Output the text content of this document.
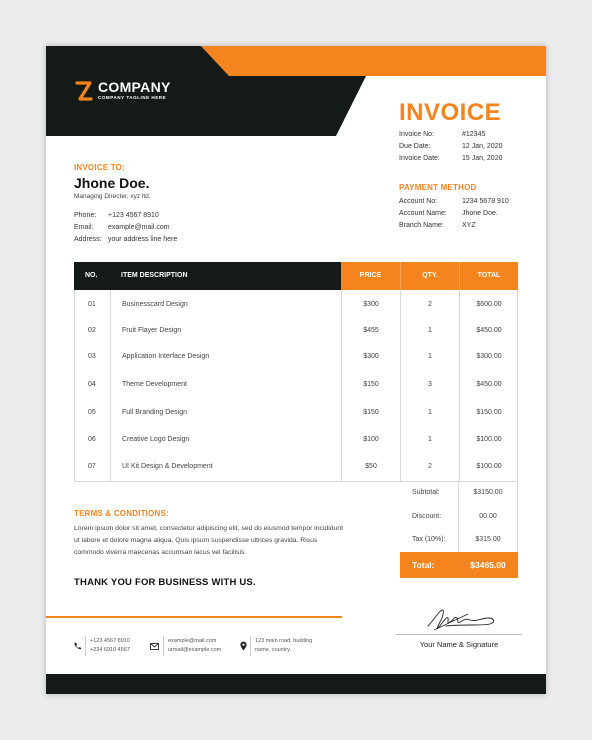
COMPANY
COMPANY TAGLINE HERE
INVOICE
Invoice No:	#12345
Due Date:	12 Jan, 2020
Invoice Date:	15 Jan, 2020
INVOICE TO:
Jhone Doe.
Managing Directer, xyz ltd.
Phone: +123 4567 8910
Email: example@mail.com
Address: your address line here
PAYMENT METHOD
Account No:	1234 5678 910
Account Name: Jhone Doe.
Branch Name:	XYZ
NO.	ITEM DESCRIPTION	PRICE	QTY.	TOTAL
01	Businesscard Design	$300	2	$600.00
02	Fruit Flayer Design	$455	1	$450.00
03	Application Interface Design	$300	1	$300.00
04	Theme Development	$150	3	$450.00
05	Full Branding Design	$150	1	$150.00
06	Creative Logo Design	$100	1	$100.00
07	UI Kit Design & Development	$50	2	$100.00
Subtotal:	$3150.00
Discount:	00.00
Tax (10%):	$315.00
Total:	$3465.00
TERMS & CONDITIONS:
Lorem ipsum dolor sit amet, consectetur adipiscing elit, sed do eiusmod tempor incididunt ut labore et dolore magna aliqua. Quis ipsum suspendisse ultrices gravida. Risus commodo viverra maecenas accumsan lacus vel facilisis.
THANK YOU FOR BUSINESS WITH US.
Your Name & Signature
+123 4567 8910
+234 6910 4567
example@mail.com
urmail@example.com
123 main road, building
name, country.
